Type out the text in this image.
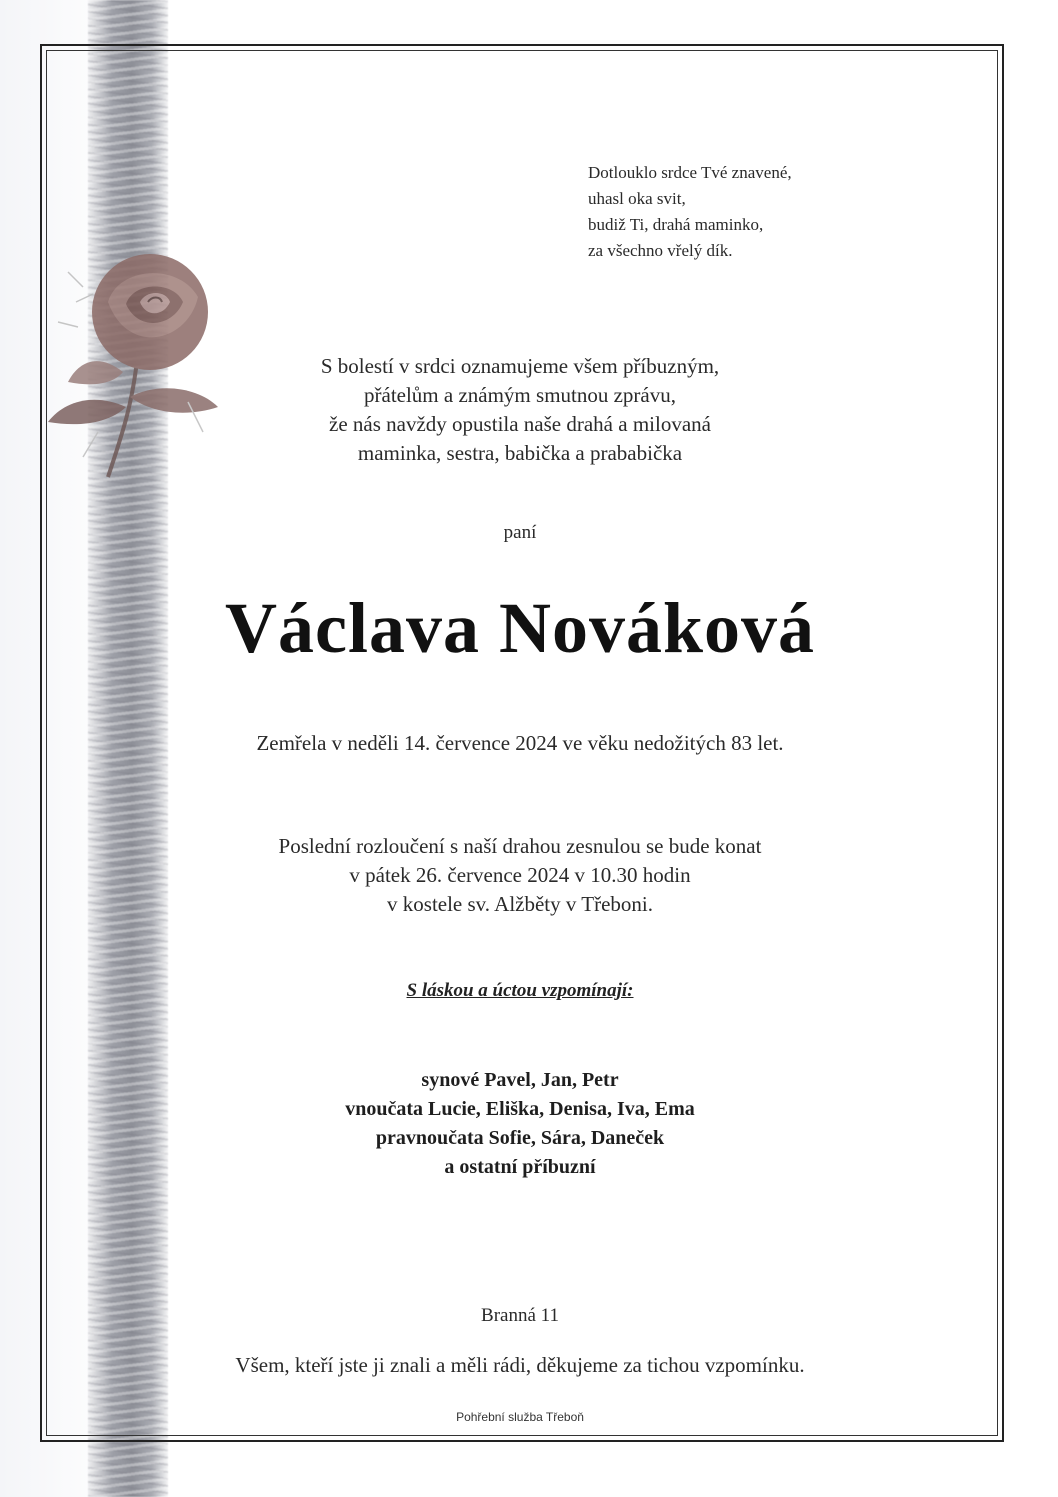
Dotlouklo srdce Tvé znavené,
uhasl oka svit,
budiž Ti, drahá maminko,
za všechno vřelý dík.
S bolestí v srdci oznamujeme všem příbuzným,
přátelům a známým smutnou zprávu,
že nás navždy opustila naše drahá a milovaná
maminka, sestra, babička a prababička
paní
Václava Nováková
Zemřela v neděli 14. července 2024 ve věku nedožitých 83 let.
Poslední rozloučení s naší drahou zesnulou se bude konat
v pátek 26. července 2024 v 10.30 hodin
v kostele sv. Alžběty v Třeboni.
S láskou a úctou vzpomínají:
synové Pavel, Jan, Petr
vnoučata Lucie, Eliška, Denisa, Iva, Ema
pravnoučata Sofie, Sára, Daneček
a ostatní příbuzní
Branná 11
Všem, kteří jste ji znali a měli rádi, děkujeme za tichou vzpomínku.
Pohřební služba Třeboň
